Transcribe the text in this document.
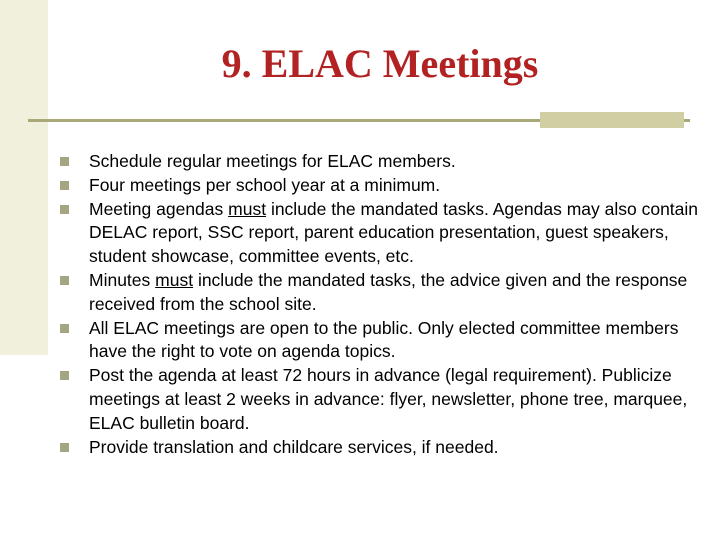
9. ELAC Meetings
Schedule regular meetings for ELAC members.
Four meetings per school year at a minimum.
Meeting agendas must include the mandated tasks. Agendas may also contain DELAC report, SSC report, parent education presentation, guest speakers, student showcase, committee events, etc.
Minutes must include the mandated tasks, the advice given and the response received from the school site.
All ELAC meetings are open to the public. Only elected committee members have the right to vote on agenda topics.
Post the agenda at least 72 hours in advance (legal requirement). Publicize meetings at least 2 weeks in advance: flyer, newsletter, phone tree, marquee, ELAC bulletin board.
Provide translation and childcare services, if needed.
